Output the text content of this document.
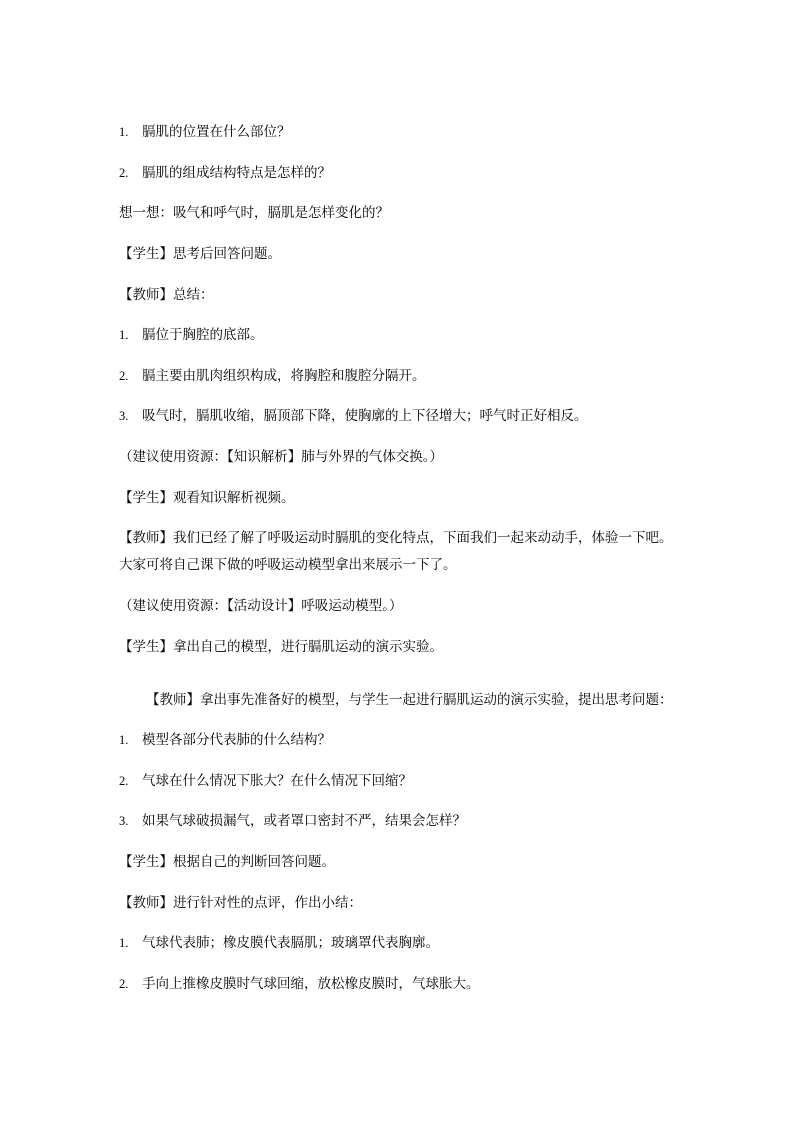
1. 膈肌的位置在什么部位？

2. 膈肌的组成结构特点是怎样的？

想一想：吸气和呼气时，膈肌是怎样变化的？

【学生】思考后回答问题。

【教师】总结：

1. 膈位于胸腔的底部。

2. 膈主要由肌肉组织构成，将胸腔和腹腔分隔开。

3. 吸气时，膈肌收缩，膈顶部下降，使胸廓的上下径增大；呼气时正好相反。

（建议使用资源：【知识解析】肺与外界的气体交换。）

【学生】观看知识解析视频。

【教师】我们已经了解了呼吸运动时膈肌的变化特点，下面我们一起来动动手，体验一下吧。大家可将自己课下做的呼吸运动模型拿出来展示一下了。

（建议使用资源：【活动设计】呼吸运动模型。）

【学生】拿出自己的模型，进行膈肌运动的演示实验。

【教师】拿出事先准备好的模型，与学生一起进行膈肌运动的演示实验，提出思考问题：

1. 模型各部分代表肺的什么结构？

2. 气球在什么情况下胀大？在什么情况下回缩？

3. 如果气球破损漏气，或者罩口密封不严，结果会怎样？

【学生】根据自己的判断回答问题。

【教师】进行针对性的点评，作出小结：

1. 气球代表肺；橡皮膜代表膈肌；玻璃罩代表胸廓。

2. 手向上推橡皮膜时气球回缩，放松橡皮膜时，气球胀大。
